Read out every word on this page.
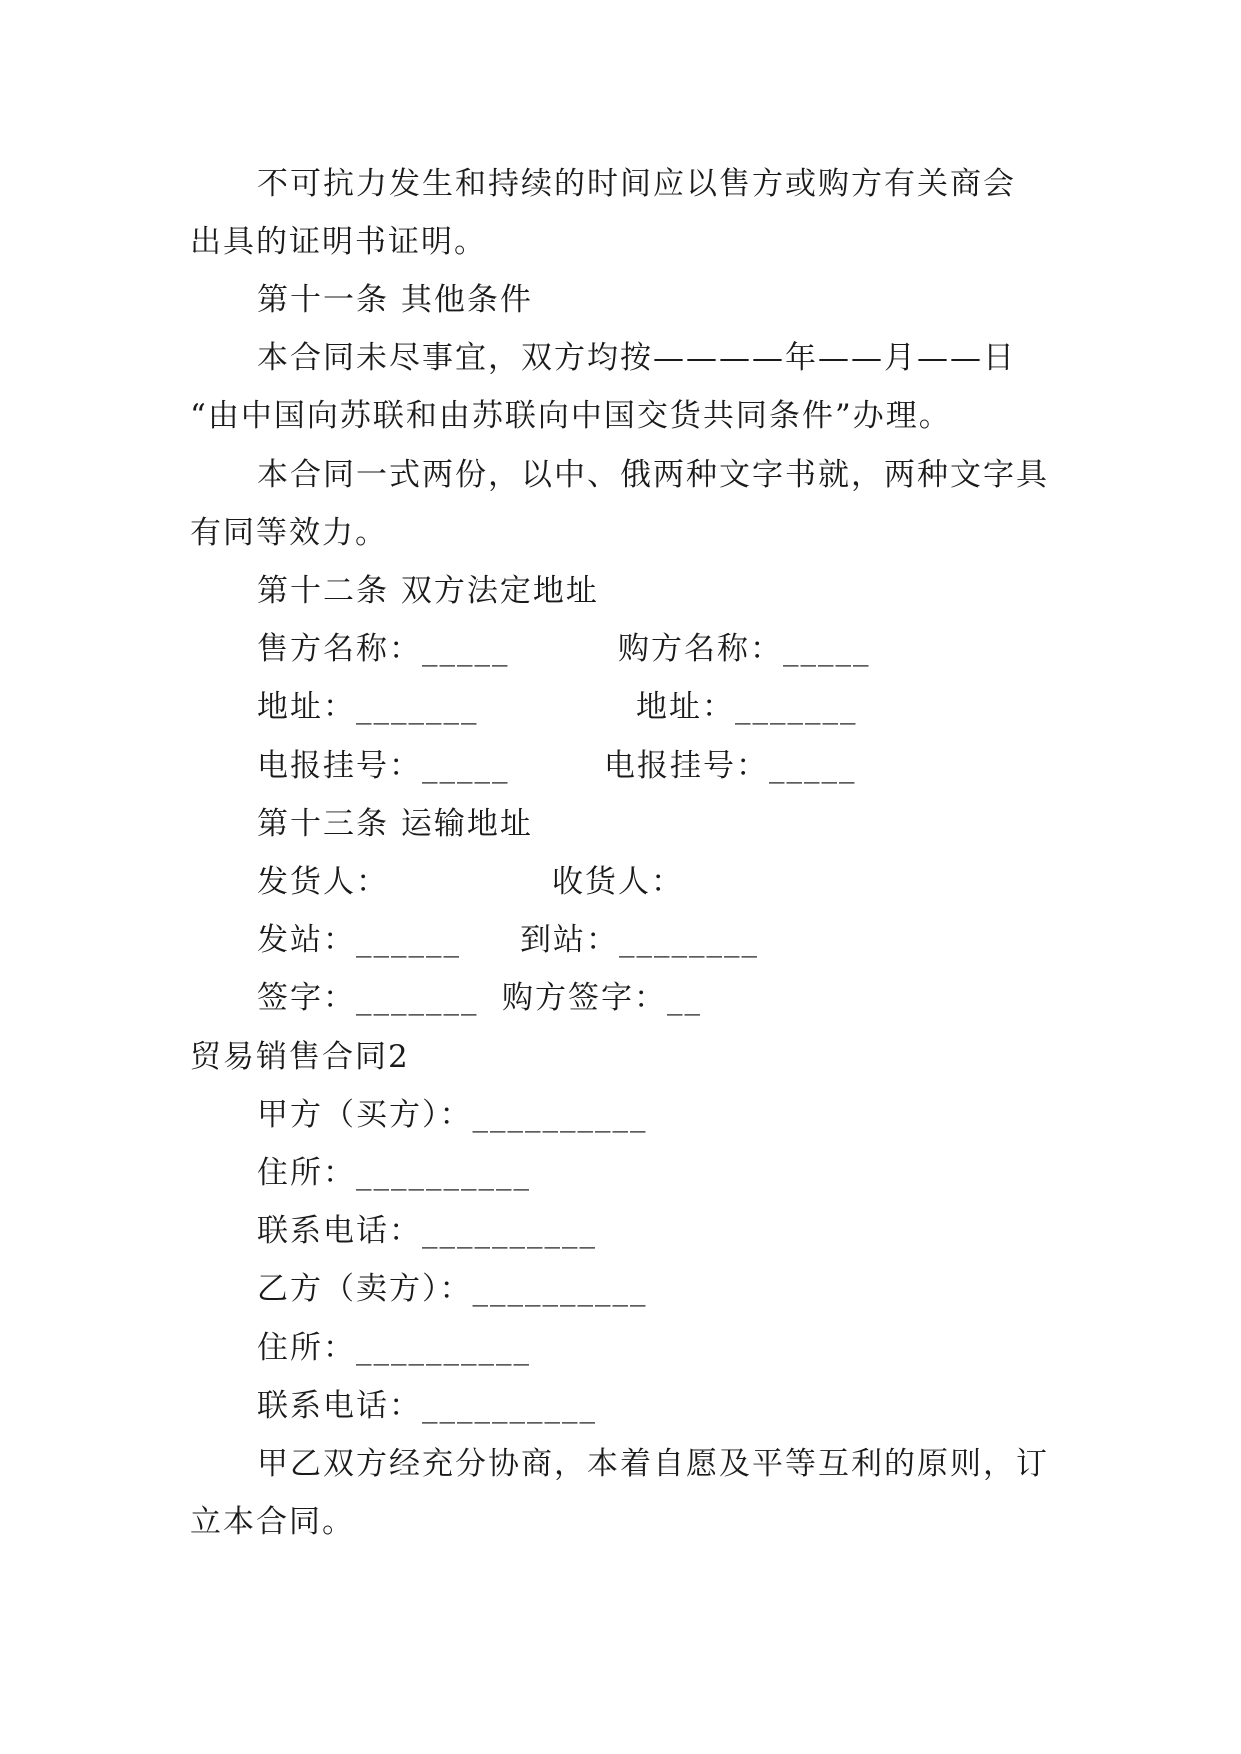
不可抗力发生和持续的时间应以售方或购方有关商会
出具的证明书证明。
第十一条 其他条件
本合同未尽事宜，双方均按————年——月——日
“由中国向苏联和由苏联向中国交货共同条件”办理。
本合同一式两份，以中、俄两种文字书就，两种文字具
有同等效力。
第十二条 双方法定地址
售方名称：_____	购方名称：_____
地址：_______	地址：_______
电报挂号：_____	电报挂号：_____
第十三条 运输地址
发货人：	收货人：
发站：______ 到站：________
签字：_______ 购方签字：__
贸易销售合同2
甲方（买方）：__________
住所：__________
联系电话：__________
乙方（卖方）：__________
住所：__________
联系电话：__________
甲乙双方经充分协商，本着自愿及平等互利的原则，订
立本合同。
